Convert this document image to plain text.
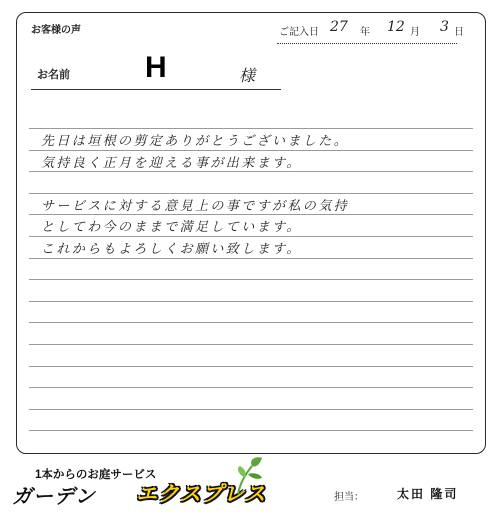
お客様の声	ご記入日 27 年 12 月 3 日
お名前	H	様
先日は垣根の剪定ありがとうございました。
気持良く正月を迎える事が出来ます。
サービスに対する意見上の事ですが私の気持
としてわ今のままで満足しています。
これからもよろしくお願い致します。
1本からのお庭サービス
ガーデン エクスプレス	担当：	太田 隆司
